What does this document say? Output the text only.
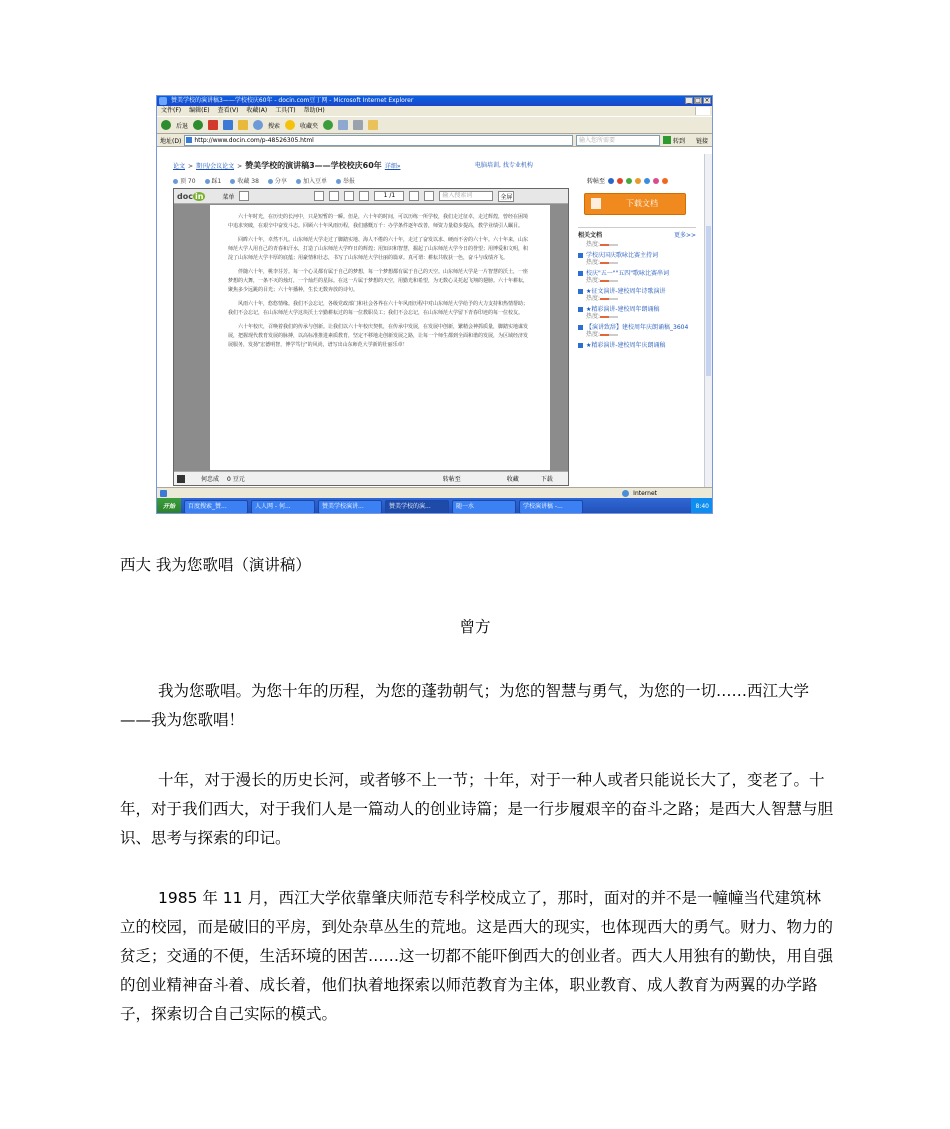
赞美学校的演讲稿3——学校校庆60年 - docin.com豆丁网 - Microsoft Internet Explorer	_ □ ×
文件(F) 编辑(E) 查看(V) 收藏(A) 工具(T) 帮助(H)
后退	搜索	收藏夹
地址(D)	http://www.docin.com/p-48526305.html	输入您所需要	转到 链接
论文 > 期刊/会议论文 > 赞美学校的演讲稿3——学校校庆60年 详细»	电脑培训, 找专业机构
顶 70	踩1	收藏 38	分享	加入豆单	举报	转帖至
doc in	菜单	1 /1	输入搜索词	全屏

六十年时光，在历史的长河中，只是短暂的一瞬。但是，六十年的时间，可以历练一所学校，我们走过征卓，走过辉煌，曾经在困境中追求突破，在艰辛中奋发斗志。回顾六十年风雨历程，我们感慨万千：办学条件逐年改善，师资力量稳步提高，教学业绩引人瞩目。

回眸六十年，卓然不凡。山东师范大学走过了脚踏实地、海人不倦的六十年，走过了奋发以求、硬而不舍的六十年。六十年来，山东师范大学人用自己的青春和汗水，打造了山东师范大学昨日的辉煌；用知识和智慧，掘起了山东师范大学今日的誉望；用博爱和文明，积淀了山东师范大学丰厚的底蕴；用豪情和壮志，书写了山东师范大学壮丽的篇章。真可谓：耕耘共收获一色，奋斗与成绩齐飞。

伴随六十年，桃李芬芳。每一个心灵都有属于自己的梦想，每一个梦想都有属于自己的天空。山东师范大学是一片智慧的沃土，一座梦想的大舞，一条不灭的烛灯，一个灿烂的星际。在这一片属于梦想的天空，用勤光和希望，为无数心灵托起飞翔的翅膀。六十年耕耘，聚焦多少远跳的目光；六十年播种，生长无数奔放的诗句。

风雨六十年，悠悠情缘。我们不会忘记，各级党政部门和社会各界在六十年风雨历程中对山东师范大学给予的大力支持和热情帮助；我们不会忘记，在山东师范大学这块沃土辛勤耕耘过的每一位教职员工；我们不会忘记，在山东师范大学留下青春印迹的每一位校友。

六十年校庆，召唤着我们的传承与创新。让我们以六十年校庆契机，在传承中发展，在发展中创新，繁精会神抓质量，脚踏实地谋发展，把握现代教育发展的脉搏，以高标准推进素质教育，坚定不移地走创新发展之路，让每一个师生都到全面和谐的发展，为区域经济发展服务，发扬"宏德明智，博学笃行"的风尚，谱写出山东师范大学新的壮丽乐章！

何忠成 0 豆元	转帖至	收藏	下载
下载文档
相关文档	更多>>
热度:
学校庆国庆歌咏比赛主持词
热度:
校庆"五一""五四"歌咏比赛串词
热度:
★征文演讲-建校周年诗歌演讲
热度:
★精彩演讲-建校周年朗诵稿
热度:
【演讲致辞】建校周年庆朗诵稿_3604
热度:
★精彩演讲-建校周年庆朗诵稿
Internet
开始	百度搜索_赞...	人人网 - 何...	赞美学校演讲...	赞美学校的演...	随一水	学校演讲稿 -...	8:40
西大 我为您歌唱（演讲稿）
曾方

我为您歌唱。为您十年的历程，为您的蓬勃朝气；为您的智慧与勇气，为您的一切……西江大学——我为您歌唱！

十年，对于漫长的历史长河，或者够不上一节；十年，对于一种人或者只能说长大了，变老了。十年，对于我们西大，对于我们人是一篇动人的创业诗篇；是一行步履艰辛的奋斗之路；是西大人智慧与胆识、思考与探索的印记。

1985 年 11 月，西江大学依靠肇庆师范专科学校成立了，那时，面对的并不是一幢幢当代建筑林立的校园，而是破旧的平房，到处杂草丛生的荒地。这是西大的现实，也体现西大的勇气。财力、物力的贫乏；交通的不便，生活环境的困苦……这一切都不能吓倒西大的创业者。西大人用独有的勤快，用自强的创业精神奋斗着、成长着，他们执着地探索以师范教育为主体，职业教育、成人教育为两翼的办学路子，探索切合自己实际的模式。
